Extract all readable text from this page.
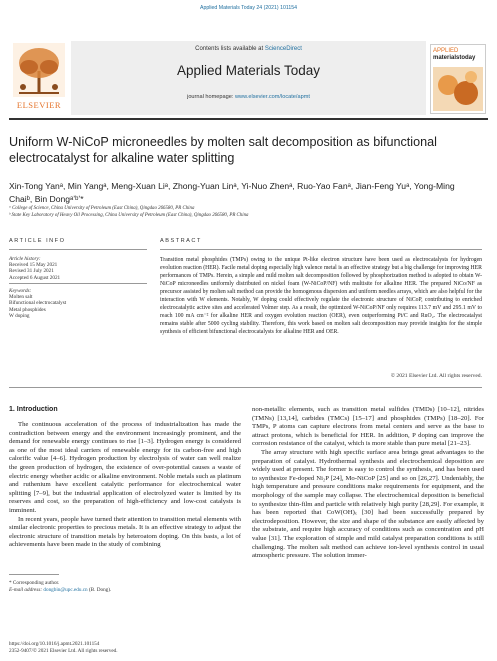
Applied Materials Today 24 (2021) 101154
ELSEVIER
Contents lists available at ScienceDirect
Applied Materials Today
journal homepage: www.elsevier.com/locate/apmt
APPLIED
materialstoday
Uniform W-NiCoP microneedles by molten salt decomposition as bifunctional electrocatalyst for alkaline water splitting
Xin-Tong Yanᵃ, Min Yangᵃ, Meng-Xuan Liᵃ, Zhong-Yuan Linᵃ, Yi-Nuo Zhenᵃ, Ruo-Yao Fanᵃ, Jian-Feng Yuᵃ, Yong-Ming Chaiᵇ, Bin Dongᵃʼᵇʼ*
ᵃ College of Science, China University of Petroleum (East China), Qingdao 266580, PR China
ᵇ State Key Laboratory of Heavy Oil Processing, China University of Petroleum (East China), Qingdao 266580, PR China
ARTICLE INFO
Article history:
Received 15 May 2021
Revised 31 July 2021
Accepted 6 August 2021
Keywords:
Molten salt
Bifunctional electrocatalyst
Metal phosphides
W doping
ABSTRACT
Transition metal phosphides (TMPs) owing to the unique Pt-like electron structure have been used as electrocatalysts for hydrogen evolution reaction (HER). Facile metal doping especially high valence metal is an effective strategy but a big challenge for improving HER performances of TMPs. Herein, a simple and mild molten salt decomposition followed by phosphorization method is adopted to obtain W-NiCoP microneedles uniformly distributed on nickel foam (W-NiCoP/NF) with multisite for alkaline HER. The prepared NiCo/NF as precursor assisted by molten salt method can provide the homogenous dispersion and uniform needles arrays, which are also helpful for the interaction with W elements. Notably, W doping could effectively regulate the electronic structure of NiCoP, contributing to enriched electrocatalytic active sites and accelerated Volmer step. As a result, the optimized W-NiCoP/NF only requires 113.7 mV and 295.1 mV to reach 100 mA cm⁻² for alkaline HER and oxygen evolution reaction (OER), even outperforming Pt/C and RuO₂. The electrocatalyst remains stable after 5000 cycling stability. Therefore, this work based on molten salt decomposition may provide insights for the simple synthesis of efficient bifunctional electrocatalysts for alkaline HER and OER.
© 2021 Elsevier Ltd. All rights reserved.
1. Introduction

The continuous acceleration of the process of industrialization has made the contradiction between energy and the environment increasingly prominent, and the demand for renewable energy continues to rise [1–3]. Hydrogen energy is considered as one of the most ideal carriers of renewable energy for its carbon-free and high calorific value [4–6]. Hydrogen production by electrolysis of water can well realize the green production of hydrogen, the existence of over-potential causes a waste of electric energy whether acidic or alkaline environment. Noble metals such as platinum and ruthenium have excellent catalytic performance for electrochemical water splitting [7–9], but the industrial application of electrolyzed water is limited by its reserves and cost, so the preparation of high-efficiency and low-cost catalysts is imminent.

In recent years, people have turned their attention to transition metal elements with similar electronic properties to precious metals. It is an effective strategy to adjust the electronic structure of transition metals by heteroatom doping. On this basis, a lot of achievements have been made in the study of combining

non-metallic elements, such as transition metal sulfides (TMDs) [10–12], nitrides (TMNs) [13,14], carbides (TMCs) [15–17] and phosphides (TMPs) [18–20]. For TMPs, P atoms can capture electrons from metal centers and serve as the base to attract protons, which is beneficial for HER. In addition, P doping can improve the corrosion resistance of the catalyst, which is more stable than pure metal [21–23].

The array structure with high specific surface area brings great advantages to the preparation of catalyst. Hydrothermal synthesis and electrochemical deposition are widely used at present. The former is easy to control the synthesis, and has been used to synthesize Fe-doped Ni₂P [24], Mo-NiCoP [25] and so on [26,27]. Undeniably, the high temperature and pressure conditions make requirements for equipment, and the morphology of the sample may collapse. The electrochemical deposition is beneficial to synthesize thin-film and particle with relatively high purity [28,29]. For example, it has been reported that CoW(OH)ₓ [30] had been successfully prepared by electrodeposition. However, the size and shape of the substance are easily affected by the substrate, and require high accuracy of conditions such as concentration and pH value [31]. The exploration of simple and mild catalyst preparation conditions is still challenging. The molten salt method can achieve ion-level synthesis control in usual atmospheric pressure. The solution immer-

* Corresponding author.
E-mail address: dongbin@upc.edu.cn (B. Dong).
https://doi.org/10.1016/j.apmt.2021.101154
2352-9407/© 2021 Elsevier Ltd. All rights reserved.
